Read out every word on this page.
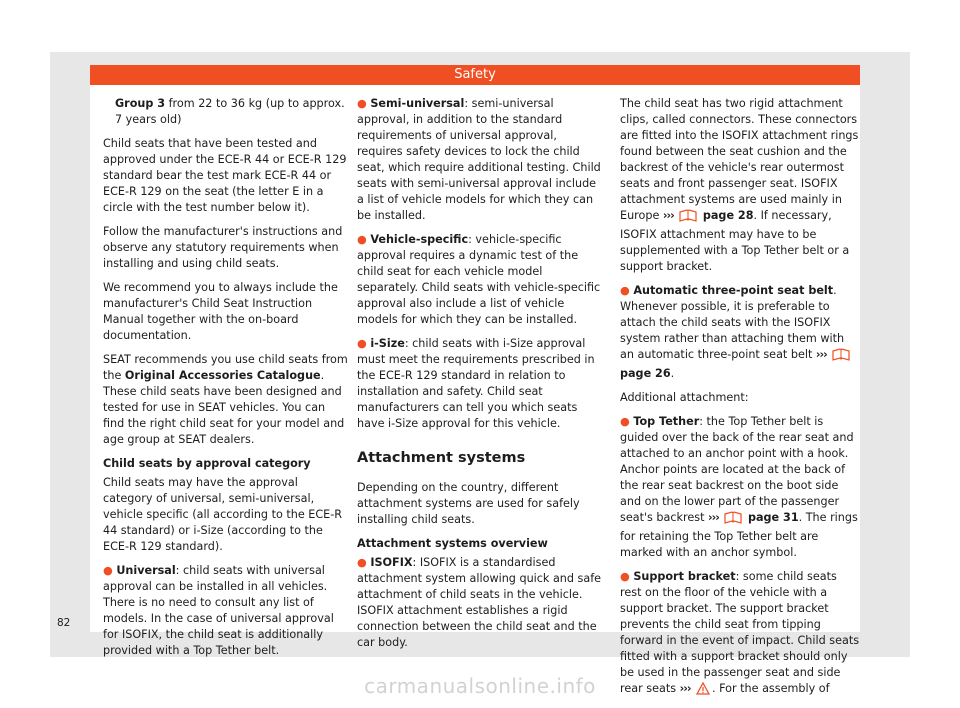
Safety

Group 3 from 22 to 36 kg (up to approx. 7 years old)

Child seats that have been tested and approved under the ECE-R 44 or ECE-R 129 standard bear the test mark ECE-R 44 or ECE-R 129 on the seat (the letter E in a circle with the test number below it).

Follow the manufacturer's instructions and observe any statutory requirements when installing and using child seats.

We recommend you to always include the manufacturer's Child Seat Instruction Manual together with the on-board documentation.

SEAT recommends you use child seats from the Original Accessories Catalogue. These child seats have been designed and tested for use in SEAT vehicles. You can find the right child seat for your model and age group at SEAT dealers.

Child seats by approval category

Child seats may have the approval category of universal, semi-universal, vehicle specific (all according to the ECE-R 44 standard) or i-Size (according to the ECE-R 129 standard).

● Universal: child seats with universal approval can be installed in all vehicles. There is no need to consult any list of models. In the case of universal approval for ISOFIX, the child seat is additionally provided with a Top Tether belt.

● Semi-universal: semi-universal approval, in addition to the standard requirements of universal approval, requires safety devices to lock the child seat, which require additional testing. Child seats with semi-universal approval include a list of vehicle models for which they can be installed.

● Vehicle-specific: vehicle-specific approval requires a dynamic test of the child seat for each vehicle model separately. Child seats with vehicle-specific approval also include a list of vehicle models for which they can be installed.

● i-Size: child seats with i-Size approval must meet the requirements prescribed in the ECE-R 129 standard in relation to installation and safety. Child seat manufacturers can tell you which seats have i-Size approval for this vehicle.

Attachment systems

Depending on the country, different attachment systems are used for safely installing child seats.

Attachment systems overview

● ISOFIX: ISOFIX is a standardised attachment system allowing quick and safe attachment of child seats in the vehicle. ISOFIX attachment establishes a rigid connection between the child seat and the car body.

The child seat has two rigid attachment clips, called connectors. These connectors are fitted into the ISOFIX attachment rings found between the seat cushion and the backrest of the vehicle's rear outermost seats and front passenger seat. ISOFIX attachment systems are used mainly in Europe ›››	page 28. If necessary, ISOFIX attachment may have to be supplemented with a Top Tether belt or a support bracket.

● Automatic three-point seat belt. Whenever possible, it is preferable to attach the child seats with the ISOFIX system rather than attaching them with an automatic three-point seat belt ›››  page 26.

Additional attachment:

● Top Tether: the Top Tether belt is guided over the back of the rear seat and attached to an anchor point with a hook. Anchor points are located at the back of the rear seat backrest on the boot side and on the lower part of the passenger seat's backrest ›››	page 31. The rings for retaining the Top Tether belt are marked with an anchor symbol.

● Support bracket: some child seats rest on the floor of the vehicle with a support bracket. The support bracket prevents the child seat from tipping forward in the event of impact. Child seats fitted with a support bracket should only be used in the passenger seat and side rear seats ››› . For the assembly of

82
carmanualsonline.info
